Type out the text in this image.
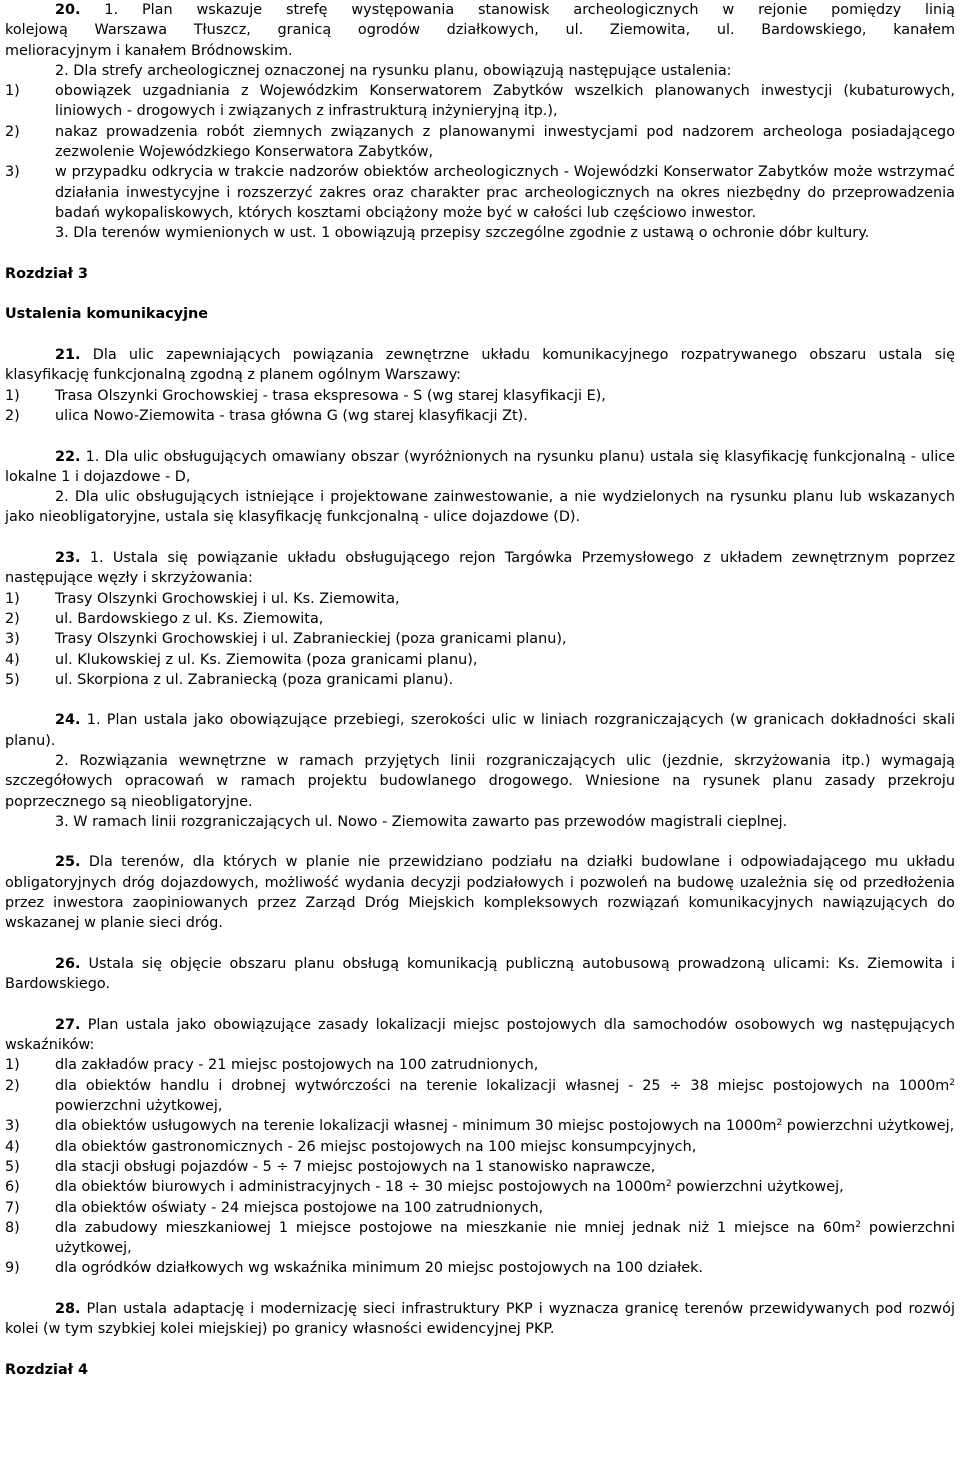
20. 1. Plan wskazuje strefę występowania stanowisk archeologicznych w rejonie pomiędzy linią

kolejową Warszawa Tłuszcz, granicą ogrodów działkowych, ul. Ziemowita, ul. Bardowskiego, kanałem

melioracyjnym i kanałem Bródnowskim.

2. Dla strefy archeologicznej oznaczonej na rysunku planu, obowiązują następujące ustalenia:

1)	obowiązek uzgadniania z Wojewódzkim Konserwatorem Zabytków wszelkich planowanych inwestycji (kubaturowych, liniowych - drogowych i związanych z infrastrukturą inżynieryjną itp.),
2)	nakaz prowadzenia robót ziemnych związanych z planowanymi inwestycjami pod nadzorem archeologa posiadającego zezwolenie Wojewódzkiego Konserwatora Zabytków,
3)	w przypadku odkrycia w trakcie nadzorów obiektów archeologicznych - Wojewódzki Konserwator Zabytków może wstrzymać działania inwestycyjne i rozszerzyć zakres oraz charakter prac archeologicznych na okres niezbędny do przeprowadzenia badań wykopaliskowych, których kosztami obciążony może być w całości lub częściowo inwestor.

3. Dla terenów wymienionych w ust. 1 obowiązują przepisy szczególne zgodnie z ustawą o ochronie dóbr kultury.

Rozdział 3

Ustalenia komunikacyjne

21. Dla ulic zapewniających powiązania zewnętrzne układu komunikacyjnego rozpatrywanego obszaru ustala się klasyfikację funkcjonalną zgodną z planem ogólnym Warszawy:

1)	Trasa Olszynki Grochowskiej - trasa ekspresowa - S (wg starej klasyfikacji E),
2)	ulica Nowo-Ziemowita - trasa główna G (wg starej klasyfikacji Zt).

22. 1. Dla ulic obsługujących omawiany obszar (wyróżnionych na rysunku planu) ustala się klasyfikację funkcjonalną - ulice lokalne 1 i dojazdowe - D,

2. Dla ulic obsługujących istniejące i projektowane zainwestowanie, a nie wydzielonych na rysunku planu lub wskazanych jako nieobligatoryjne, ustala się klasyfikację funkcjonalną - ulice dojazdowe (D).

23. 1. Ustala się powiązanie układu obsługującego rejon Targówka Przemysłowego z układem zewnętrznym poprzez następujące węzły i skrzyżowania:

1)	Trasy Olszynki Grochowskiej i ul. Ks. Ziemowita,
2)	ul. Bardowskiego z ul. Ks. Ziemowita,
3)	Trasy Olszynki Grochowskiej i ul. Zabranieckiej (poza granicami planu),
4)	ul. Klukowskiej z ul. Ks. Ziemowita (poza granicami planu),
5)	ul. Skorpiona z ul. Zabraniecką (poza granicami planu).

24. 1. Plan ustala jako obowiązujące przebiegi, szerokości ulic w liniach rozgraniczających (w granicach dokładności skali planu).

2. Rozwiązania wewnętrzne w ramach przyjętych linii rozgraniczających ulic (jezdnie, skrzyżowania itp.) wymagają szczegółowych opracowań w ramach projektu budowlanego drogowego. Wniesione na rysunek planu zasady przekroju poprzecznego są nieobligatoryjne.

3. W ramach linii rozgraniczających ul. Nowo - Ziemowita zawarto pas przewodów magistrali cieplnej.

25. Dla terenów, dla których w planie nie przewidziano podziału na działki budowlane i odpowiadającego mu układu obligatoryjnych dróg dojazdowych, możliwość wydania decyzji podziałowych i pozwoleń na budowę uzależnia się od przedłożenia przez inwestora zaopiniowanych przez Zarząd Dróg Miejskich kompleksowych rozwiązań komunikacyjnych nawiązujących do wskazanej w planie sieci dróg.

26. Ustala się objęcie obszaru planu obsługą komunikacją publiczną autobusową prowadzoną ulicami: Ks. Ziemowita i Bardowskiego.

27. Plan ustala jako obowiązujące zasady lokalizacji miejsc postojowych dla samochodów osobowych wg następujących wskaźników:

1)	dla zakładów pracy - 21 miejsc postojowych na 100 zatrudnionych,
2)	dla obiektów handlu i drobnej wytwórczości na terenie lokalizacji własnej - 25 ÷ 38 miejsc postojowych na $1000m^2$ powierzchni użytkowej,
3)	dla obiektów usługowych na terenie lokalizacji własnej - minimum 30 miejsc postojowych na $1000m^2$ powierzchni użytkowej,
4)	dla obiektów gastronomicznych - 26 miejsc postojowych na 100 miejsc konsumpcyjnych,
5)	dla stacji obsługi pojazdów - 5 ÷ 7 miejsc postojowych na 1 stanowisko naprawcze,
6)	dla obiektów biurowych i administracyjnych - 18 ÷ 30 miejsc postojowych na $1000m^2$ powierzchni użytkowej,
7)	dla obiektów oświaty - 24 miejsca postojowe na 100 zatrudnionych,
8)	dla zabudowy mieszkaniowej 1 miejsce postojowe na mieszkanie nie mniej jednak niż 1 miejsce na $60m^2$ powierzchni użytkowej,
9)	dla ogródków działkowych wg wskaźnika minimum 20 miejsc postojowych na 100 działek.

28. Plan ustala adaptację i modernizację sieci infrastruktury PKP i wyznacza granicę terenów przewidywanych pod rozwój kolei (w tym szybkiej kolei miejskiej) po granicy własności ewidencyjnej PKP.

Rozdział 4
